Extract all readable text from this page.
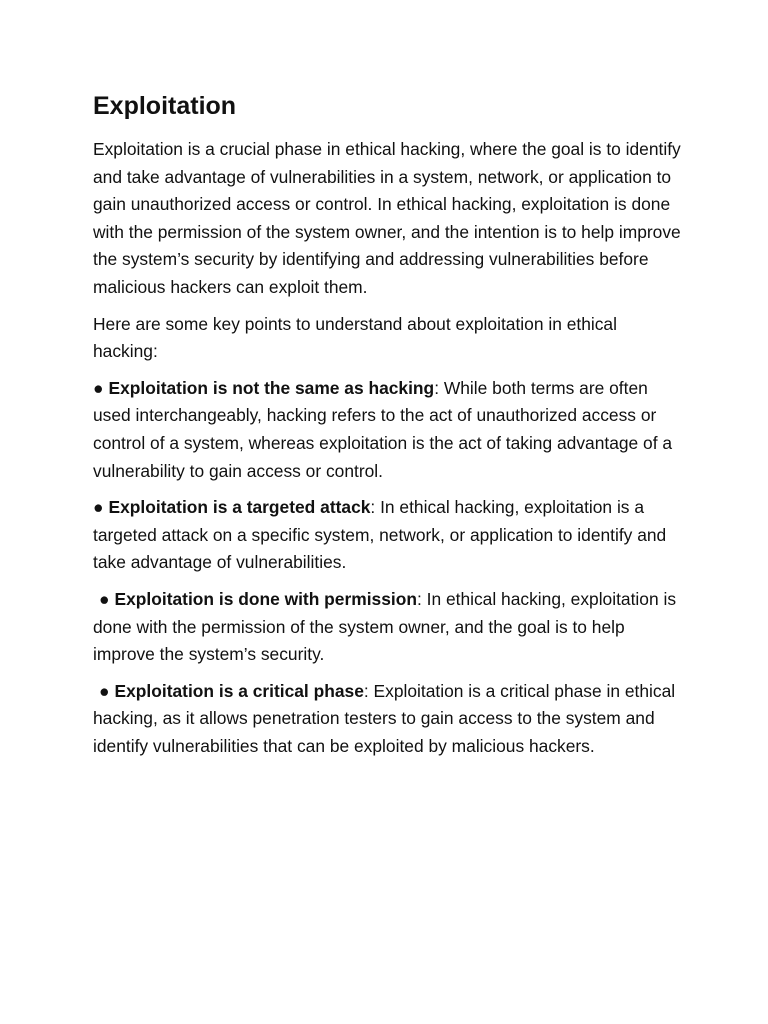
Exploitation

Exploitation is a crucial phase in ethical hacking, where the goal is to identify and take advantage of vulnerabilities in a system, network, or application to gain unauthorized access or control. In ethical hacking, exploitation is done with the permission of the system owner, and the intention is to help improve the system’s security by identifying and addressing vulnerabilities before malicious hackers can exploit them.

Here are some key points to understand about exploitation in ethical hacking:

● Exploitation is not the same as hacking: While both terms are often used interchangeably, hacking refers to the act of unauthorized access or control of a system, whereas exploitation is the act of taking advantage of a vulnerability to gain access or control.

● Exploitation is a targeted attack: In ethical hacking, exploitation is a targeted attack on a specific system, network, or application to identify and take advantage of vulnerabilities.

● Exploitation is done with permission: In ethical hacking, exploitation is done with the permission of the system owner, and the goal is to help improve the system’s security.

● Exploitation is a critical phase: Exploitation is a critical phase in ethical hacking, as it allows penetration testers to gain access to the system and identify vulnerabilities that can be exploited by malicious hackers.
